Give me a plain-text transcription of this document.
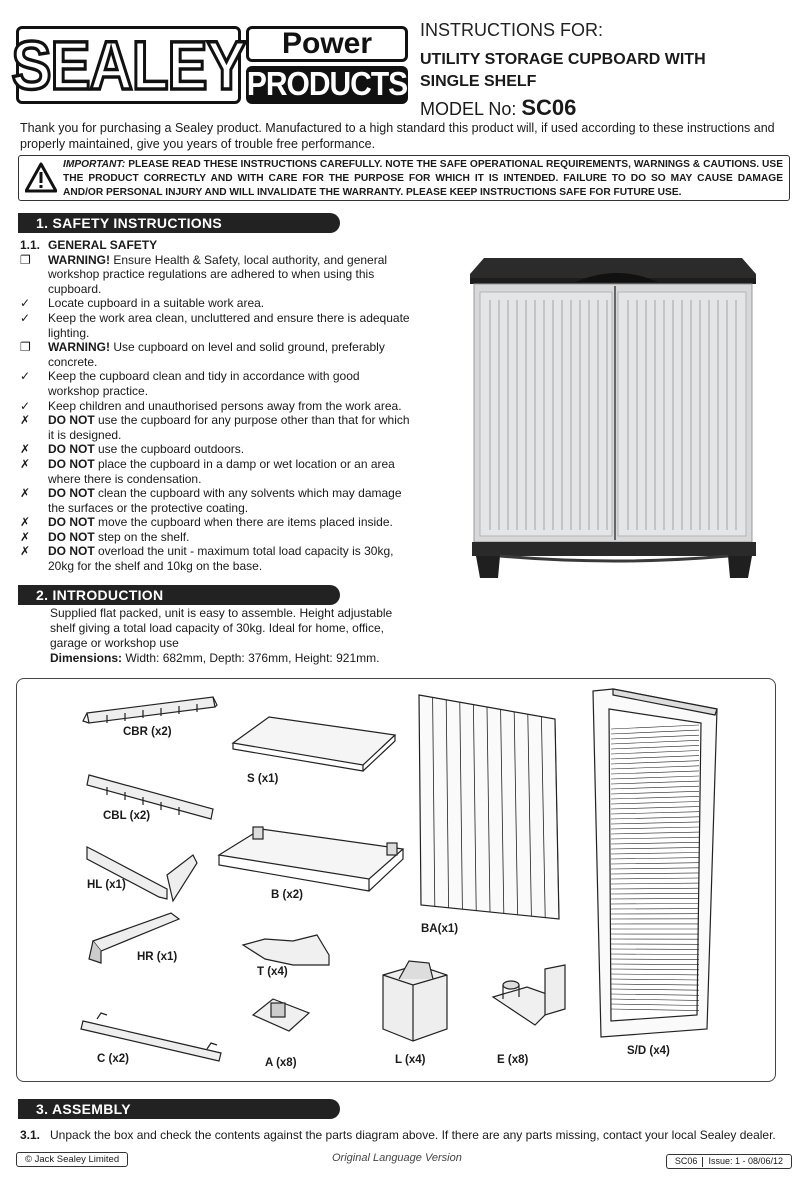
SEALEY Power
PRODUCTS
INSTRUCTIONS FOR:
UTILITY STORAGE CUPBOARD WITH
SINGLE SHELF
MODEL No: SC06
Thank you for purchasing a Sealey product. Manufactured to a high standard this product will, if used according to these instructions and properly maintained, give you years of trouble free performance.
IMPORTANT: PLEASE READ THESE INSTRUCTIONS CAREFULLY. NOTE THE SAFE OPERATIONAL REQUIREMENTS, WARNINGS & CAUTIONS. USE THE PRODUCT CORRECTLY AND WITH CARE FOR THE PURPOSE FOR WHICH IT IS INTENDED. FAILURE TO DO SO MAY CAUSE DAMAGE AND/OR PERSONAL INJURY AND WILL INVALIDATE THE WARRANTY. PLEASE KEEP INSTRUCTIONS SAFE FOR FUTURE USE.
1. SAFETY INSTRUCTIONS
1.1. GENERAL SAFETY
❐	WARNING! Ensure Health & Safety, local authority, and general workshop practice regulations are adhered to when using this cupboard.
✓	Locate cupboard in a suitable work area.
✓	Keep the work area clean, uncluttered and ensure there is adequate lighting.
❐	WARNING! Use cupboard on level and solid ground, preferably concrete.
✓	Keep the cupboard clean and tidy in accordance with good workshop practice.
✓	Keep children and unauthorised persons away from the work area.
✗	DO NOT use the cupboard for any purpose other than that for which it is designed.
✗	DO NOT use the cupboard outdoors.
✗	DO NOT place the cupboard in a damp or wet location or an area where there is condensation.
✗	DO NOT clean the cupboard with any solvents which may damage the surfaces or the protective coating.
✗	DO NOT move the cupboard when there are items placed inside.
✗	DO NOT step on the shelf.
✗	DO NOT overload the unit - maximum total load capacity is 30kg, 20kg for the shelf and 10kg on the base.
2. INTRODUCTION
Supplied flat packed, unit is easy to assemble. Height adjustable shelf giving a total load capacity of 30kg. Ideal for home, office, garage or workshop use
Dimensions: Width: 682mm, Depth: 376mm, Height: 921mm.
CBR (x2)
S (x1)
CBL (x2)
HL (x1)
B (x2)
BA(x1)
HR (x1)
T (x4)
C (x2)	A (x8)	L (x4)	E (x8)
S/D (x4)
3. ASSEMBLY
3.1. Unpack the box and check the contents against the parts diagram above. If there are any parts missing, contact your local Sealey dealer.
© Jack Sealey Limited	Original Language Version	SC06 Issue: 1 - 08/06/12
